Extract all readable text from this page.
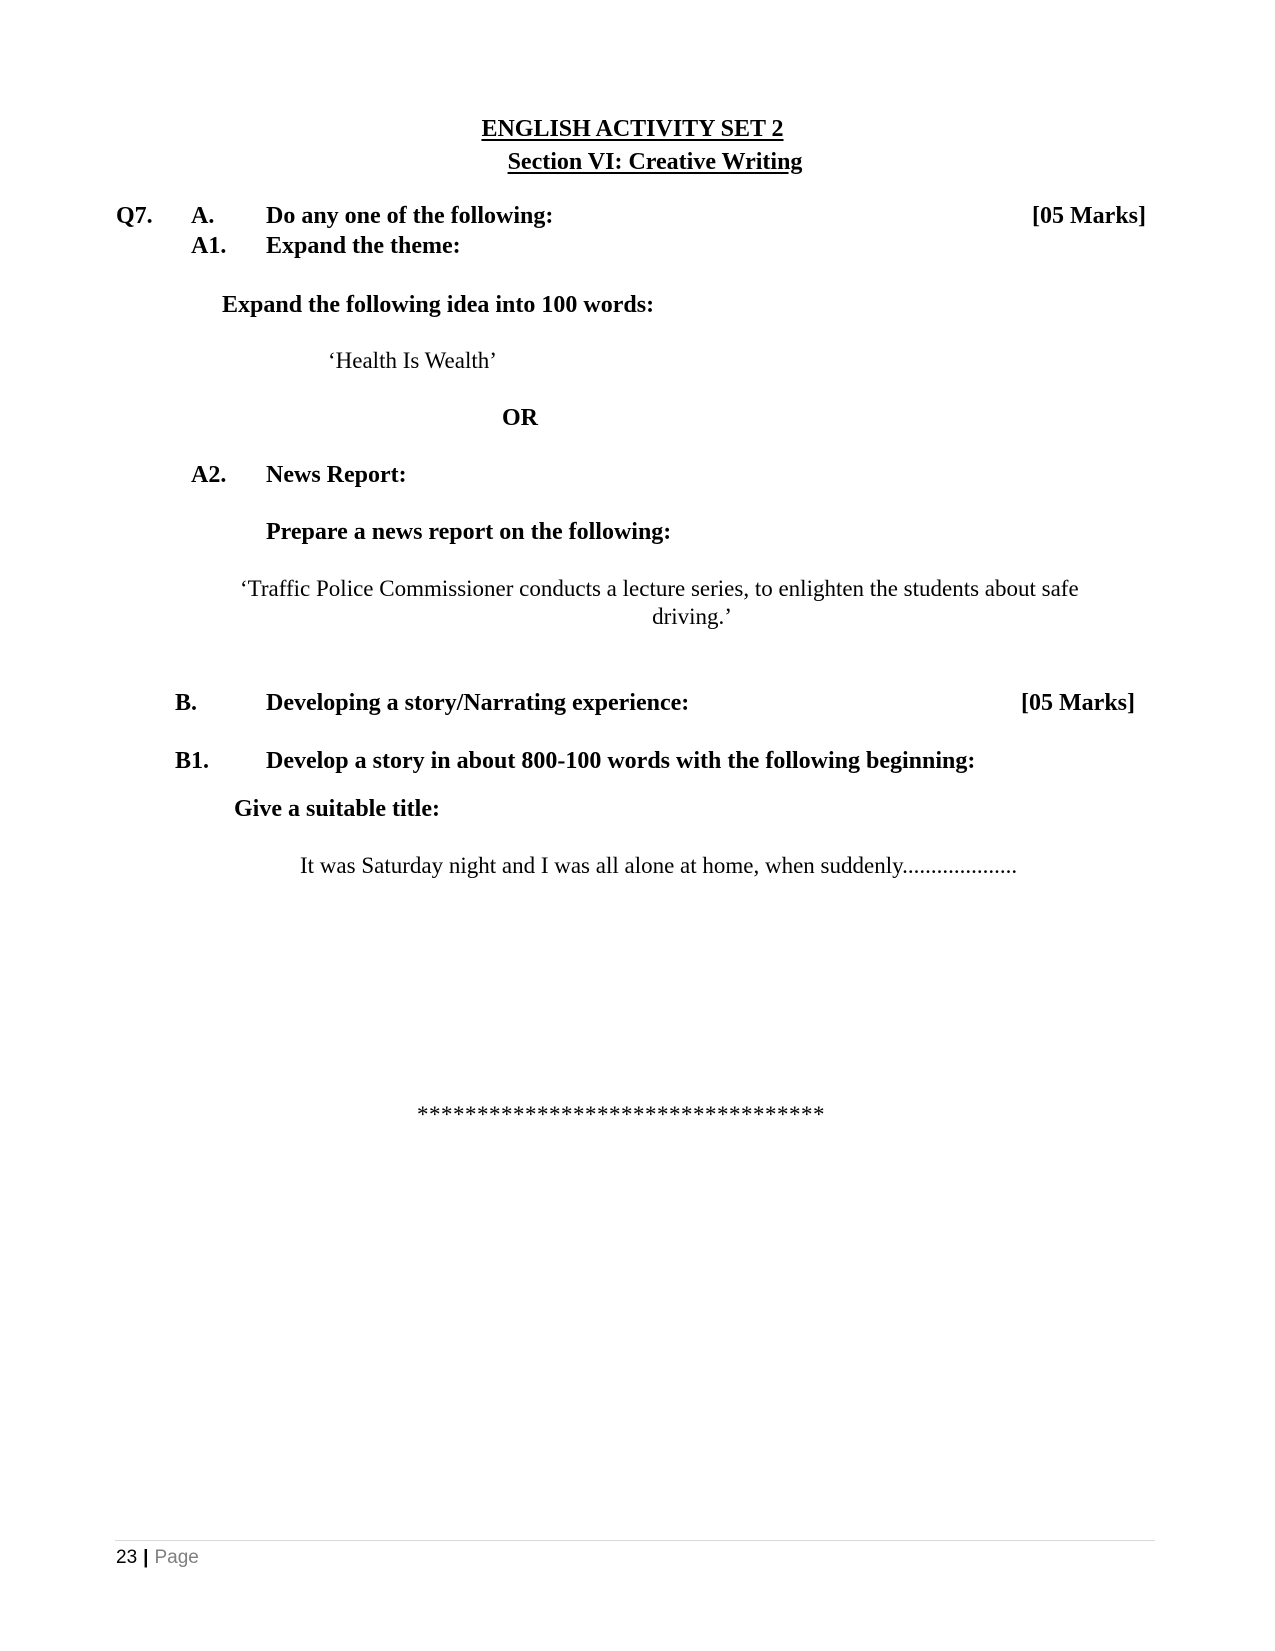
ENGLISH ACTIVITY SET 2
Section VI: Creative Writing
Q7. A. Do any one of the following:	[05 Marks]
A1. Expand the theme:
Expand the following idea into 100 words:
‘Health Is Wealth’
OR
A2. News Report:
Prepare a news report on the following:
‘Traffic Police Commissioner conducts a lecture series, to enlighten the students about safe
driving.’
B.	Developing a story/Narrating experience:	[05 Marks]
B1. Develop a story in about 800-100 words with the following beginning:
Give a suitable title:
It was Saturday night and I was all alone at home, when suddenly....................
**********************************
23 | Page
